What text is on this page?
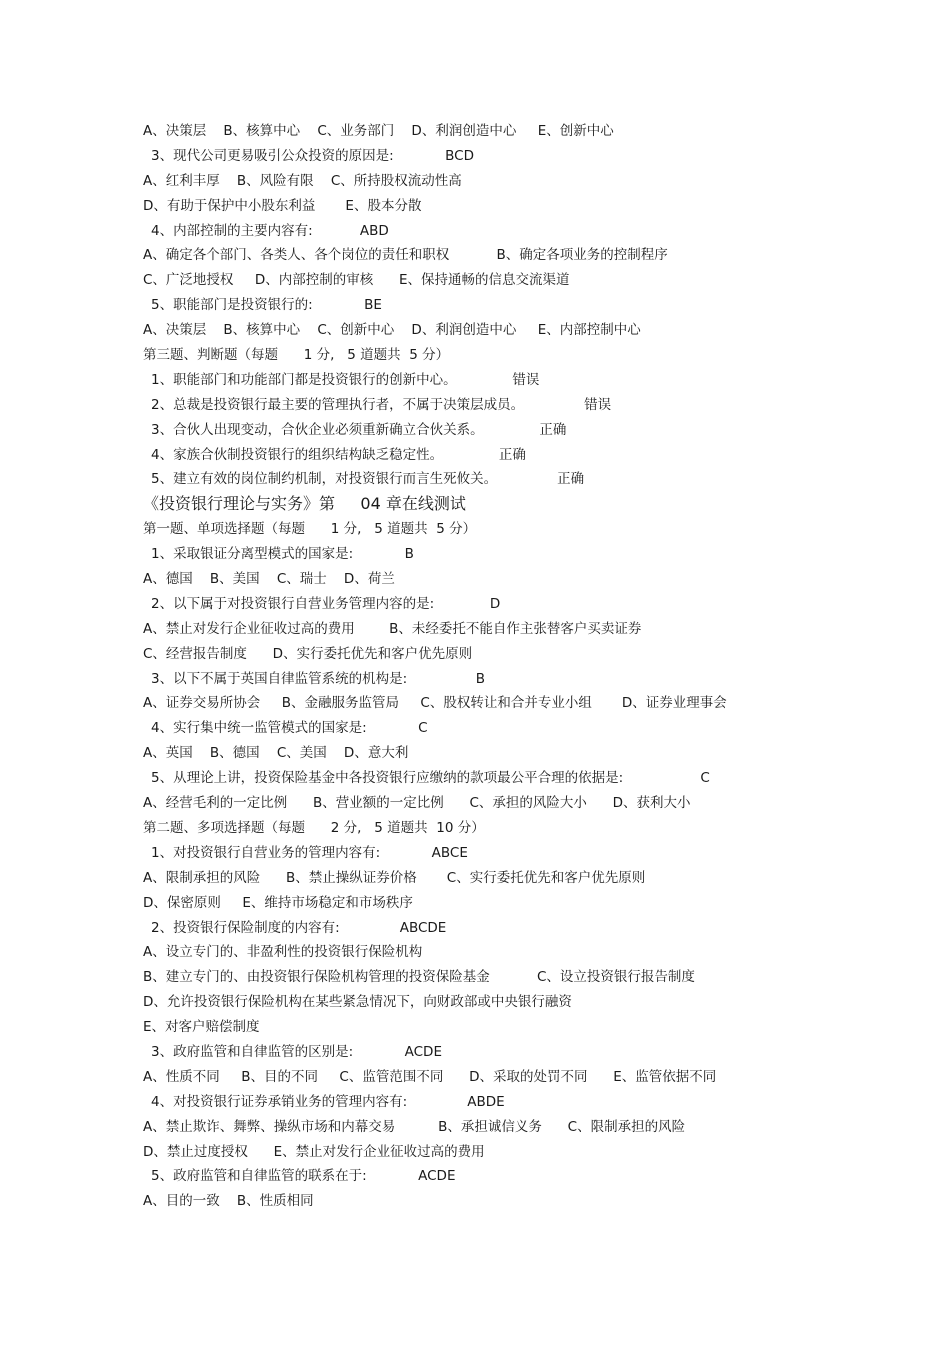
A、决策层    B、核算中心    C、业务部门    D、利润创造中心     E、创新中心
3、现代公司更易吸引公众投资的原因是:            BCD
A、红利丰厚    B、风险有限    C、所持股权流动性高
D、有助于保护中小股东利益       E、股本分散
4、内部控制的主要内容有:           ABD
A、确定各个部门、各类人、各个岗位的责任和职权           B、确定各项业务的控制程序
C、广泛地授权     D、内部控制的审核      E、保持通畅的信息交流渠道
5、职能部门是投资银行的:            BE
A、决策层    B、核算中心    C、创新中心    D、利润创造中心     E、内部控制中心
第三题、判断题（每题      1 分,   5 道题共  5 分）
1、职能部门和功能部门都是投资银行的创新中心。             错误
2、总裁是投资银行最主要的管理执行者，不属于决策层成员。              错误
3、合伙人出现变动，合伙企业必须重新确立合伙关系。             正确
4、家族合伙制投资银行的组织结构缺乏稳定性。             正确
5、建立有效的岗位制约机制，对投资银行而言生死攸关。              正确
《投资银行理论与实务》第     04 章在线测试
第一题、单项选择题（每题      1 分,   5 道题共  5 分）
1、采取银证分离型模式的国家是:            B
A、德国    B、美国    C、瑞士    D、荷兰
2、以下属于对投资银行自营业务管理内容的是:             D
A、禁止对发行企业征收过高的费用        B、未经委托不能自作主张替客户买卖证券
C、经营报告制度      D、实行委托优先和客户优先原则
3、以下不属于英国自律监管系统的机构是:                B
A、证券交易所协会     B、金融服务监管局     C、股权转让和合并专业小组       D、证券业理事会
4、实行集中统一监管模式的国家是:            C
A、英国    B、德国    C、美国    D、意大利
5、从理论上讲，投资保险基金中各投资银行应缴纳的款项最公平合理的依据是:                  C
A、经营毛利的一定比例      B、营业额的一定比例      C、承担的风险大小      D、获利大小
第二题、多项选择题（每题      2 分,   5 道题共  10 分）
1、对投资银行自营业务的管理内容有:            ABCE
A、限制承担的风险      B、禁止操纵证券价格       C、实行委托优先和客户优先原则
D、保密原则     E、维持市场稳定和市场秩序
2、投资银行保险制度的内容有:              ABCDE
A、设立专门的、非盈利性的投资银行保险机构
B、建立专门的、由投资银行保险机构管理的投资保险基金           C、设立投资银行报告制度
D、允许投资银行保险机构在某些紧急情况下，向财政部或中央银行融资
E、对客户赔偿制度
3、政府监管和自律监管的区别是:            ACDE
A、性质不同     B、目的不同     C、监管范围不同      D、采取的处罚不同      E、监管依据不同
4、对投资银行证券承销业务的管理内容有:              ABDE
A、禁止欺诈、舞弊、操纵市场和内幕交易          B、承担诚信义务      C、限制承担的风险
D、禁止过度授权      E、禁止对发行企业征收过高的费用
5、政府监管和自律监管的联系在于:            ACDE
A、目的一致    B、性质相同
